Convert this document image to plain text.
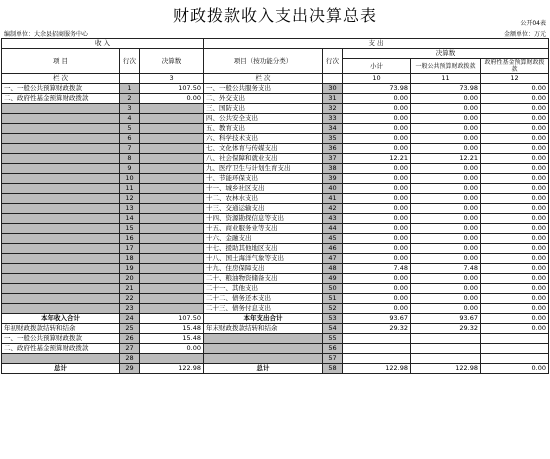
财政拨款收入支出决算总表	公开04表
编制单位：大余县招商服务中心	金额单位：万元
收 入			支 出				
项 目	行次	决算数	项目（按功能分类）	行次	决算数		
					小计	一般公共预算财政拨款	政府性基金预算财政拨款

栏 次		3	栏 次		10	11	12
一、一般公共预算财政拨款	1	107.50	一、一般公共服务支出	30	73.98	73.98	0.00
二、政府性基金预算财政拨款	2	0.00	二、外交支出	31	0.00	0.00	0.00
	3		三、国防支出	32	0.00	0.00	0.00
	4		四、公共安全支出	33	0.00	0.00	0.00
	5		五、教育支出	34	0.00	0.00	0.00
	6		六、科学技术支出	35	0.00	0.00	0.00
	7		七、文化体育与传媒支出	36	0.00	0.00	0.00
	8		八、社会保障和就业支出	37	12.21	12.21	0.00
	9		九、医疗卫生与计划生育支出	38	0.00	0.00	0.00
	10		十、节能环保支出	39	0.00	0.00	0.00
	11		十一、城乡社区支出	40	0.00	0.00	0.00
	12		十二、农林水支出	41	0.00	0.00	0.00
	13		十三、交通运输支出	42	0.00	0.00	0.00
	14		十四、资源勘探信息等支出	43	0.00	0.00	0.00
	15		十五、商业服务业等支出	44	0.00	0.00	0.00
	16		十六、金融支出	45	0.00	0.00	0.00
	17		十七、援助其他地区支出	46	0.00	0.00	0.00
	18		十八、国土海洋气象等支出	47	0.00	0.00	0.00
	19		十九、住房保障支出	48	7.48	7.48	0.00
	20		二十、粮油物资储备支出	49	0.00	0.00	0.00
	21		二十一、其他支出	50	0.00	0.00	0.00
	22		二十二、债务还本支出	51	0.00	0.00	0.00
	23		二十三、债务付息支出	52	0.00	0.00	0.00
本年收入合计	24	107.50	本年支出合计	53	93.67	93.67	0.00
年初财政拨款结转和结余	25	15.48	年末财政拨款结转和结余	54	29.32	29.32	0.00
一、一般公共预算财政拨款	26	15.48		55			
二、政府性基金预算财政拨款	27	0.00		56			
	28			57			
总计	29	122.98	总计	58	122.98	122.98	0.00
